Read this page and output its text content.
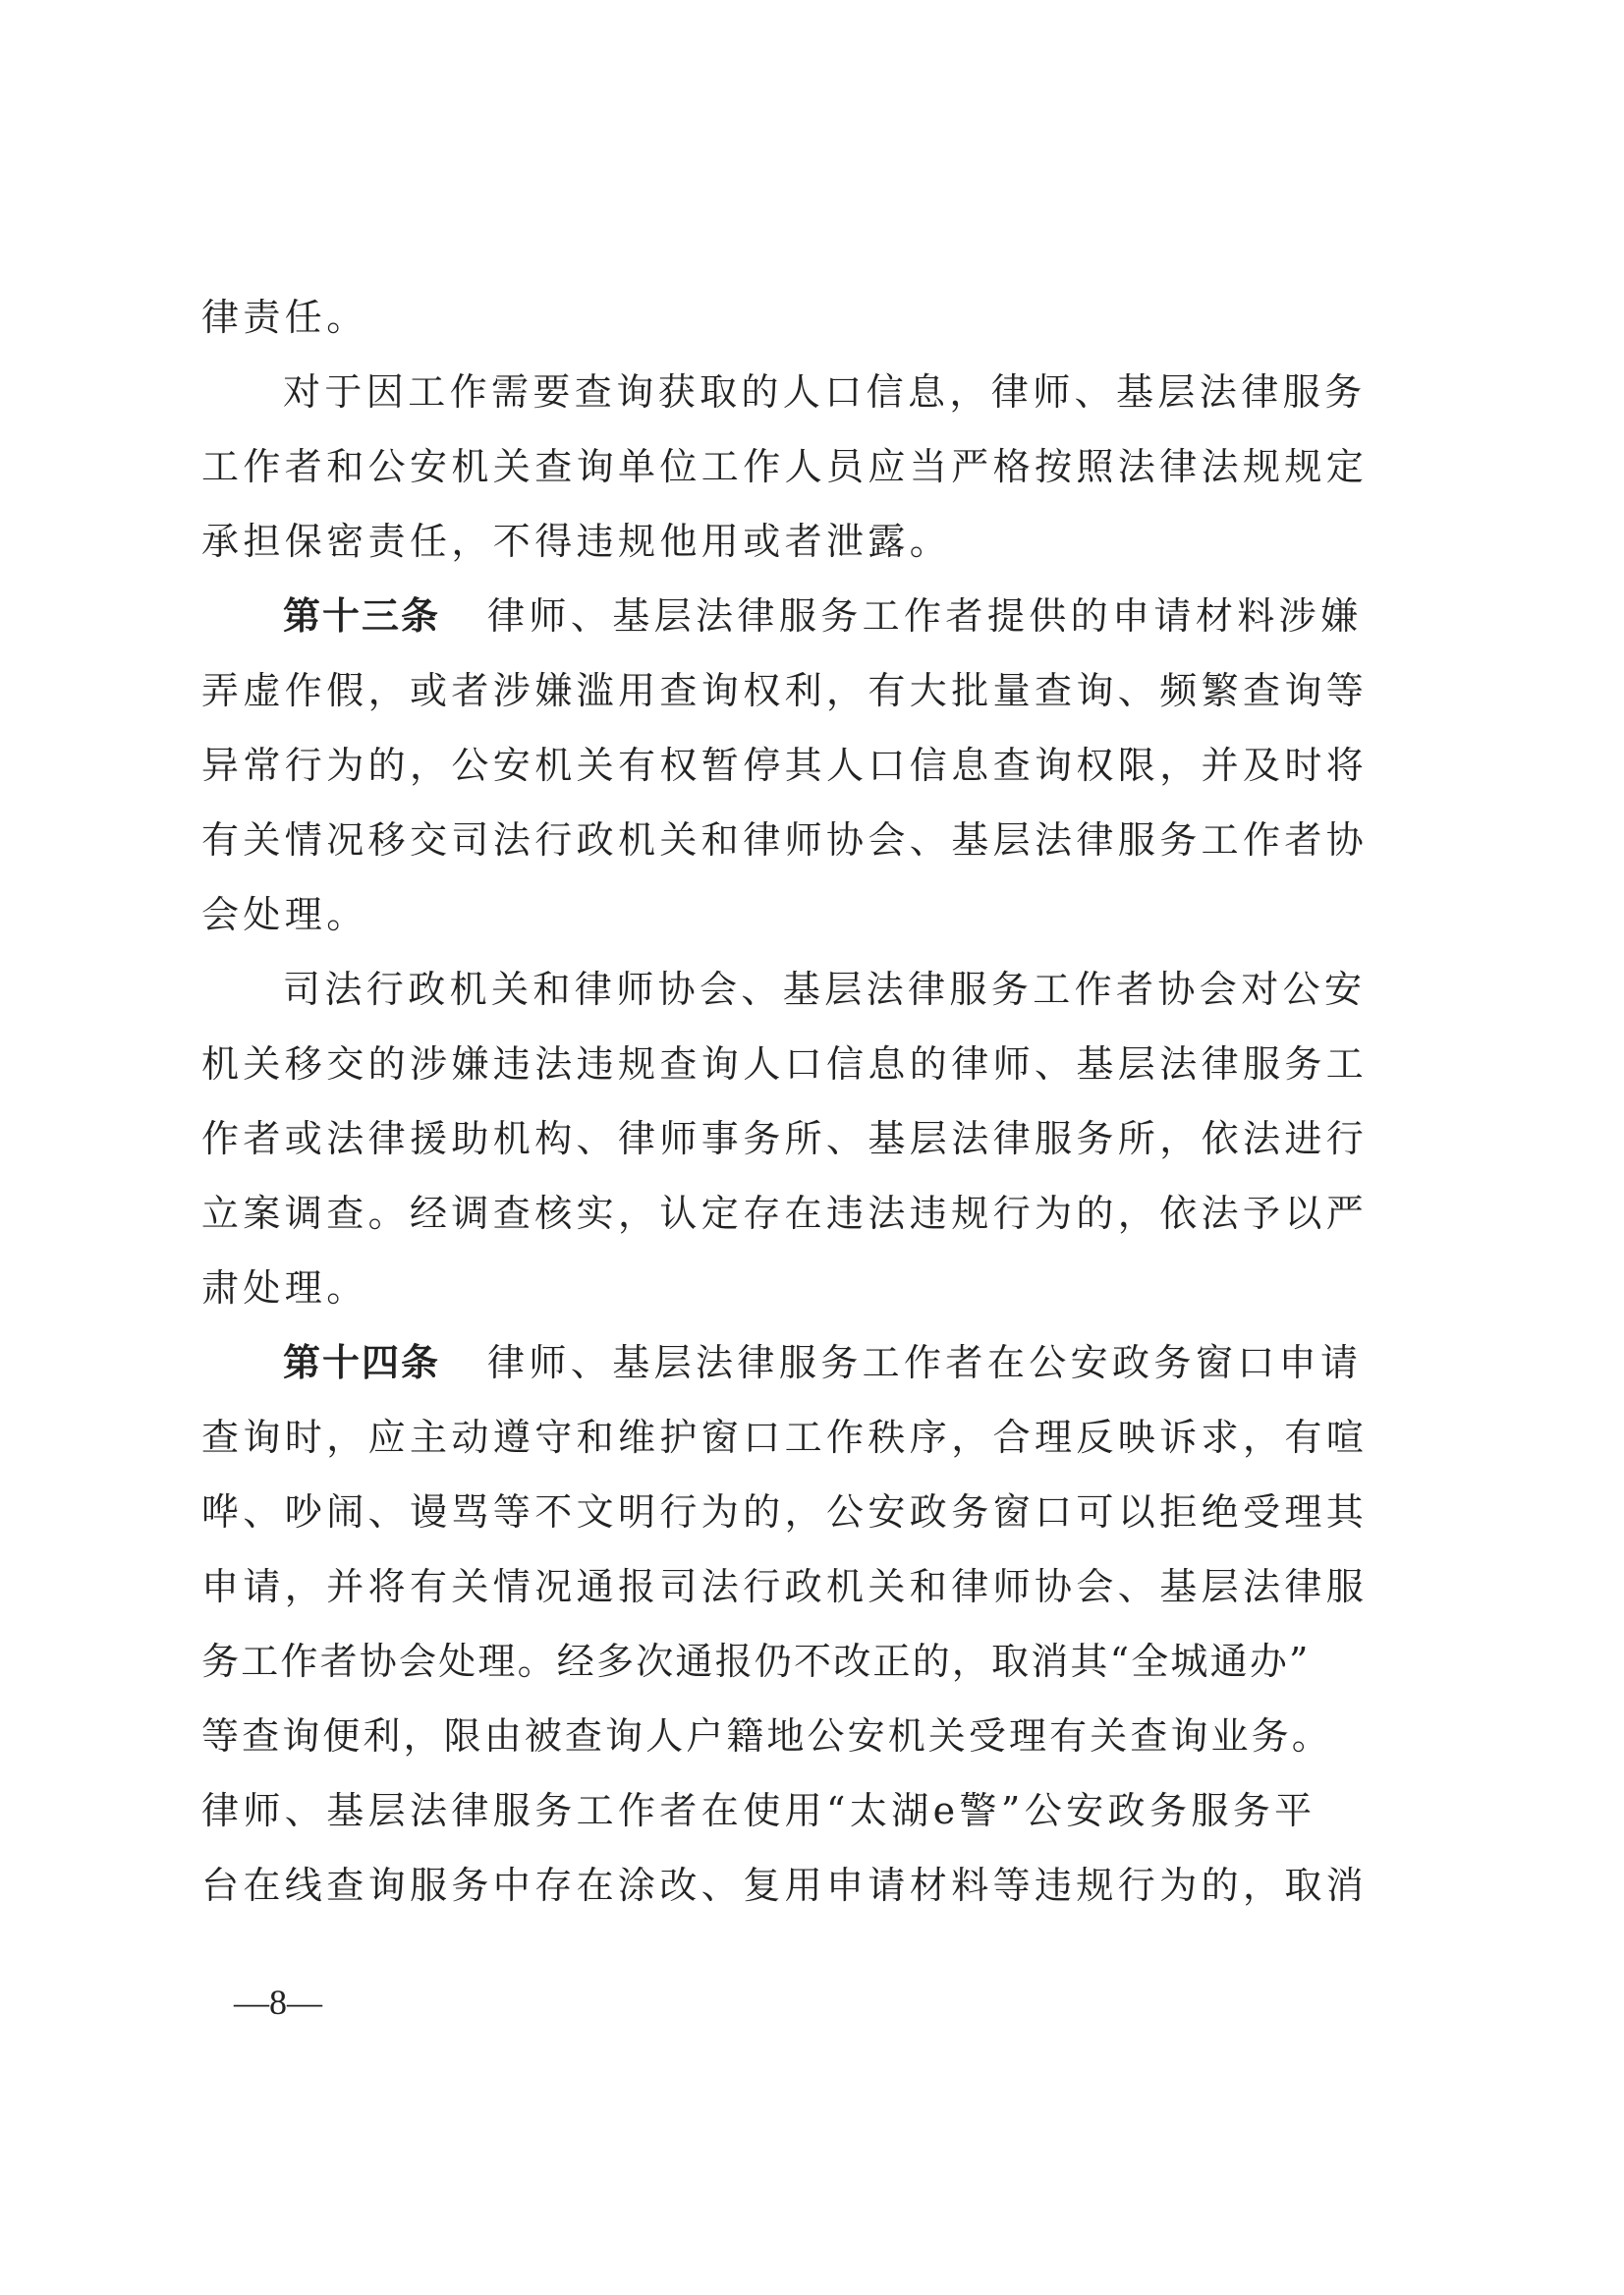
律责任。
对于因工作需要查询获取的人口信息，律师、基层法律服务
工作者和公安机关查询单位工作人员应当严格按照法律法规规定
承担保密责任，不得违规他用或者泄露。
第十三条 律师、基层法律服务工作者提供的申请材料涉嫌
弄虚作假，或者涉嫌滥用查询权利，有大批量查询、频繁查询等
异常行为的，公安机关有权暂停其人口信息查询权限，并及时将
有关情况移交司法行政机关和律师协会、基层法律服务工作者协
会处理。
司法行政机关和律师协会、基层法律服务工作者协会对公安
机关移交的涉嫌违法违规查询人口信息的律师、基层法律服务工
作者或法律援助机构、律师事务所、基层法律服务所，依法进行
立案调查。经调查核实，认定存在违法违规行为的，依法予以严
肃处理。
第十四条 律师、基层法律服务工作者在公安政务窗口申请
查询时，应主动遵守和维护窗口工作秩序，合理反映诉求，有喧
哗、吵闹、谩骂等不文明行为的，公安政务窗口可以拒绝受理其
申请，并将有关情况通报司法行政机关和律师协会、基层法律服
务工作者协会处理。经多次通报仍不改正的，取消其“全城通办”
等查询便利，限由被查询人户籍地公安机关受理有关查询业务。
律师、基层法律服务工作者在使用“太湖e警”公安政务服务平
台在线查询服务中存在涂改、复用申请材料等违规行为的，取消
—8—
